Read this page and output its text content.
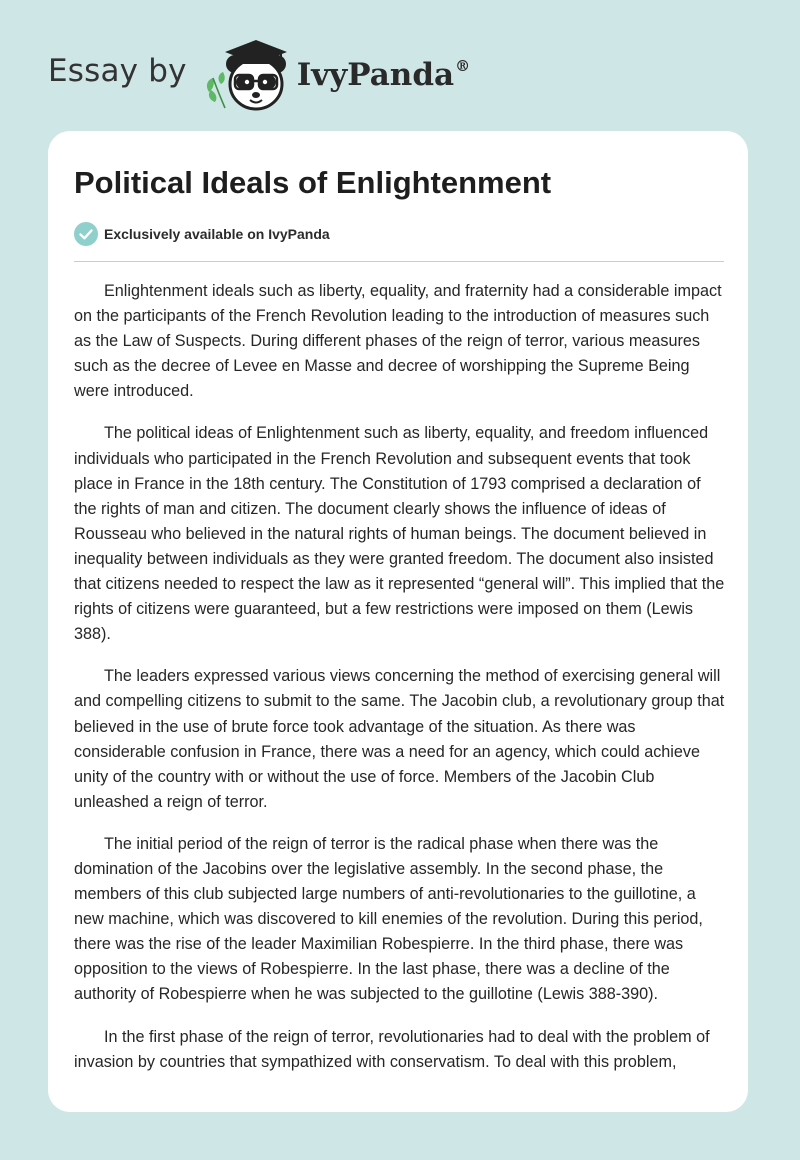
Essay by	IvyPanda®
Political Ideals of Enlightenment
Exclusively available on IvyPanda

Enlightenment ideals such as liberty, equality, and fraternity had a considerable impact on the participants of the French Revolution leading to the introduction of measures such as the Law of Suspects. During different phases of the reign of terror, various measures such as the decree of Levee en Masse and decree of worshipping the Supreme Being were introduced.

The political ideas of Enlightenment such as liberty, equality, and freedom influenced individuals who participated in the French Revolution and subsequent events that took place in France in the 18th century. The Constitution of 1793 comprised a declaration of the rights of man and citizen. The document clearly shows the influence of ideas of Rousseau who believed in the natural rights of human beings. The document believed in inequality between individuals as they were granted freedom. The document also insisted that citizens needed to respect the law as it represented “general will”. This implied that the rights of citizens were guaranteed, but a few restrictions were imposed on them (Lewis 388).

The leaders expressed various views concerning the method of exercising general will and compelling citizens to submit to the same. The Jacobin club, a revolutionary group that believed in the use of brute force took advantage of the situation. As there was considerable confusion in France, there was a need for an agency, which could achieve unity of the country with or without the use of force. Members of the Jacobin Club unleashed a reign of terror.

The initial period of the reign of terror is the radical phase when there was the domination of the Jacobins over the legislative assembly. In the second phase, the members of this club subjected large numbers of anti-revolutionaries to the guillotine, a new machine, which was discovered to kill enemies of the revolution. During this period, there was the rise of the leader Maximilian Robespierre. In the third phase, there was opposition to the views of Robespierre. In the last phase, there was a decline of the authority of Robespierre when he was subjected to the guillotine (Lewis 388-390).

In the first phase of the reign of terror, revolutionaries had to deal with the problem of invasion by countries that sympathized with conservatism. To deal with this problem,
